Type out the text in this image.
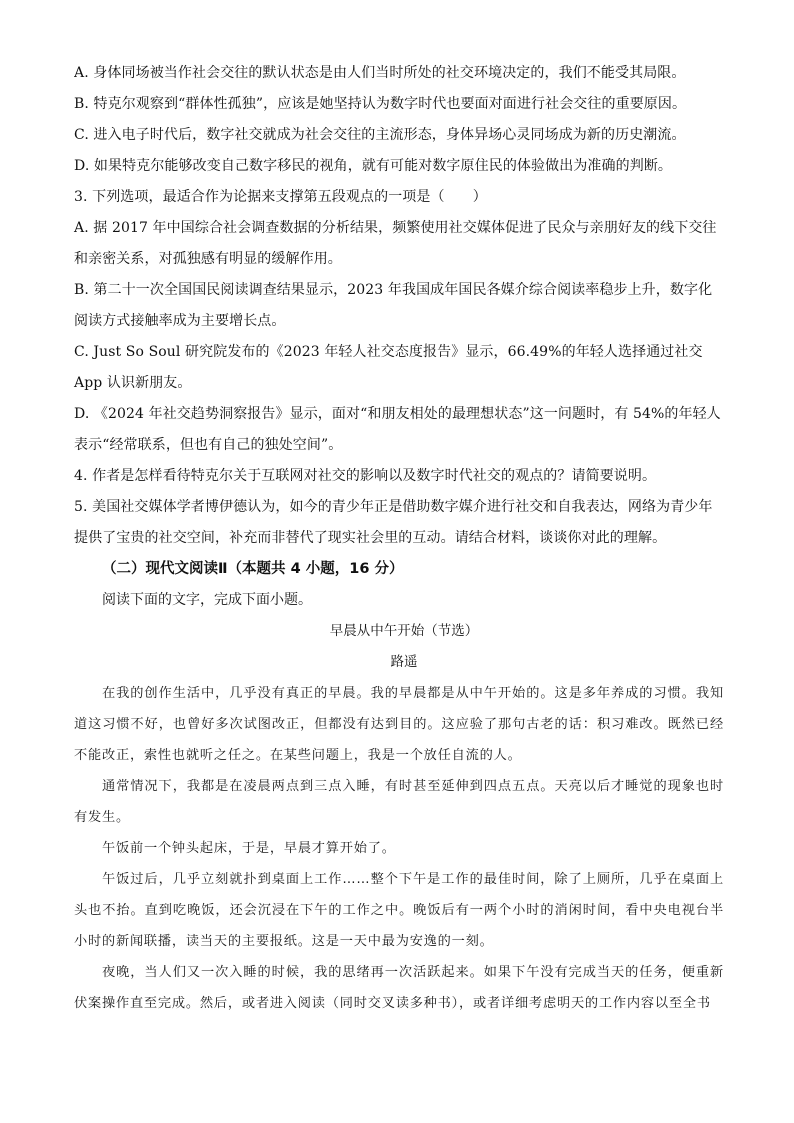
A. 身体同场被当作社会交往的默认状态是由人们当时所处的社交环境决定的，我们不能受其局限。
B. 特克尔观察到“群体性孤独”，应该是她坚持认为数字时代也要面对面进行社会交往的重要原因。
C. 进入电子时代后，数字社交就成为社会交往的主流形态，身体异场心灵同场成为新的历史潮流。
D. 如果特克尔能够改变自己数字移民的视角，就有可能对数字原住民的体验做出为准确的判断。
3. 下列选项，最适合作为论据来支撑第五段观点的一项是（　　）
A. 据 2017 年中国综合社会调查数据的分析结果，频繁使用社交媒体促进了民众与亲朋好友的线下交往和亲密关系，对孤独感有明显的缓解作用。
B. 第二十一次全国国民阅读调查结果显示，2023 年我国成年国民各媒介综合阅读率稳步上升，数字化阅读方式接触率成为主要增长点。
C. Just So Soul 研究院发布的《2023 年轻人社交态度报告》显示，66.49%的年轻人选择通过社交 App 认识新朋友。
D. 《2024 年社交趋势洞察报告》显示，面对“和朋友相处的最理想状态”这一问题时，有 54%的年轻人表示“经常联系，但也有自己的独处空间”。
4. 作者是怎样看待特克尔关于互联网对社交的影响以及数字时代社交的观点的？请简要说明。
5. 美国社交媒体学者博伊德认为，如今的青少年正是借助数字媒介进行社交和自我表达，网络为青少年提供了宝贵的社交空间，补充而非替代了现实社会里的互动。请结合材料，谈谈你对此的理解。
（二）现代文阅读Ⅱ（本题共 4 小题，16 分）
阅读下面的文字，完成下面小题。
早晨从中午开始（节选）
路遥
在我的创作生活中，几乎没有真正的早晨。我的早晨都是从中午开始的。这是多年养成的习惯。我知道这习惯不好，也曾好多次试图改正，但都没有达到目的。这应验了那句古老的话：积习难改。既然已经不能改正，索性也就听之任之。在某些问题上，我是一个放任自流的人。
通常情况下，我都是在凌晨两点到三点入睡，有时甚至延伸到四点五点。天亮以后才睡觉的现象也时有发生。
午饭前一个钟头起床，于是，早晨才算开始了。
午饭过后，几乎立刻就扑到桌面上工作……整个下午是工作的最佳时间，除了上厕所，几乎在桌面上头也不抬。直到吃晚饭，还会沉浸在下午的工作之中。晚饭后有一两个小时的消闲时间，看中央电视台半小时的新闻联播，读当天的主要报纸。这是一天中最为安逸的一刻。
夜晚，当人们又一次入睡的时候，我的思绪再一次活跃起来。如果下午没有完成当天的任务，便重新伏案操作直至完成。然后，或者进入阅读（同时交叉读多种书），或者详细考虑明天的工作内容以至全书
